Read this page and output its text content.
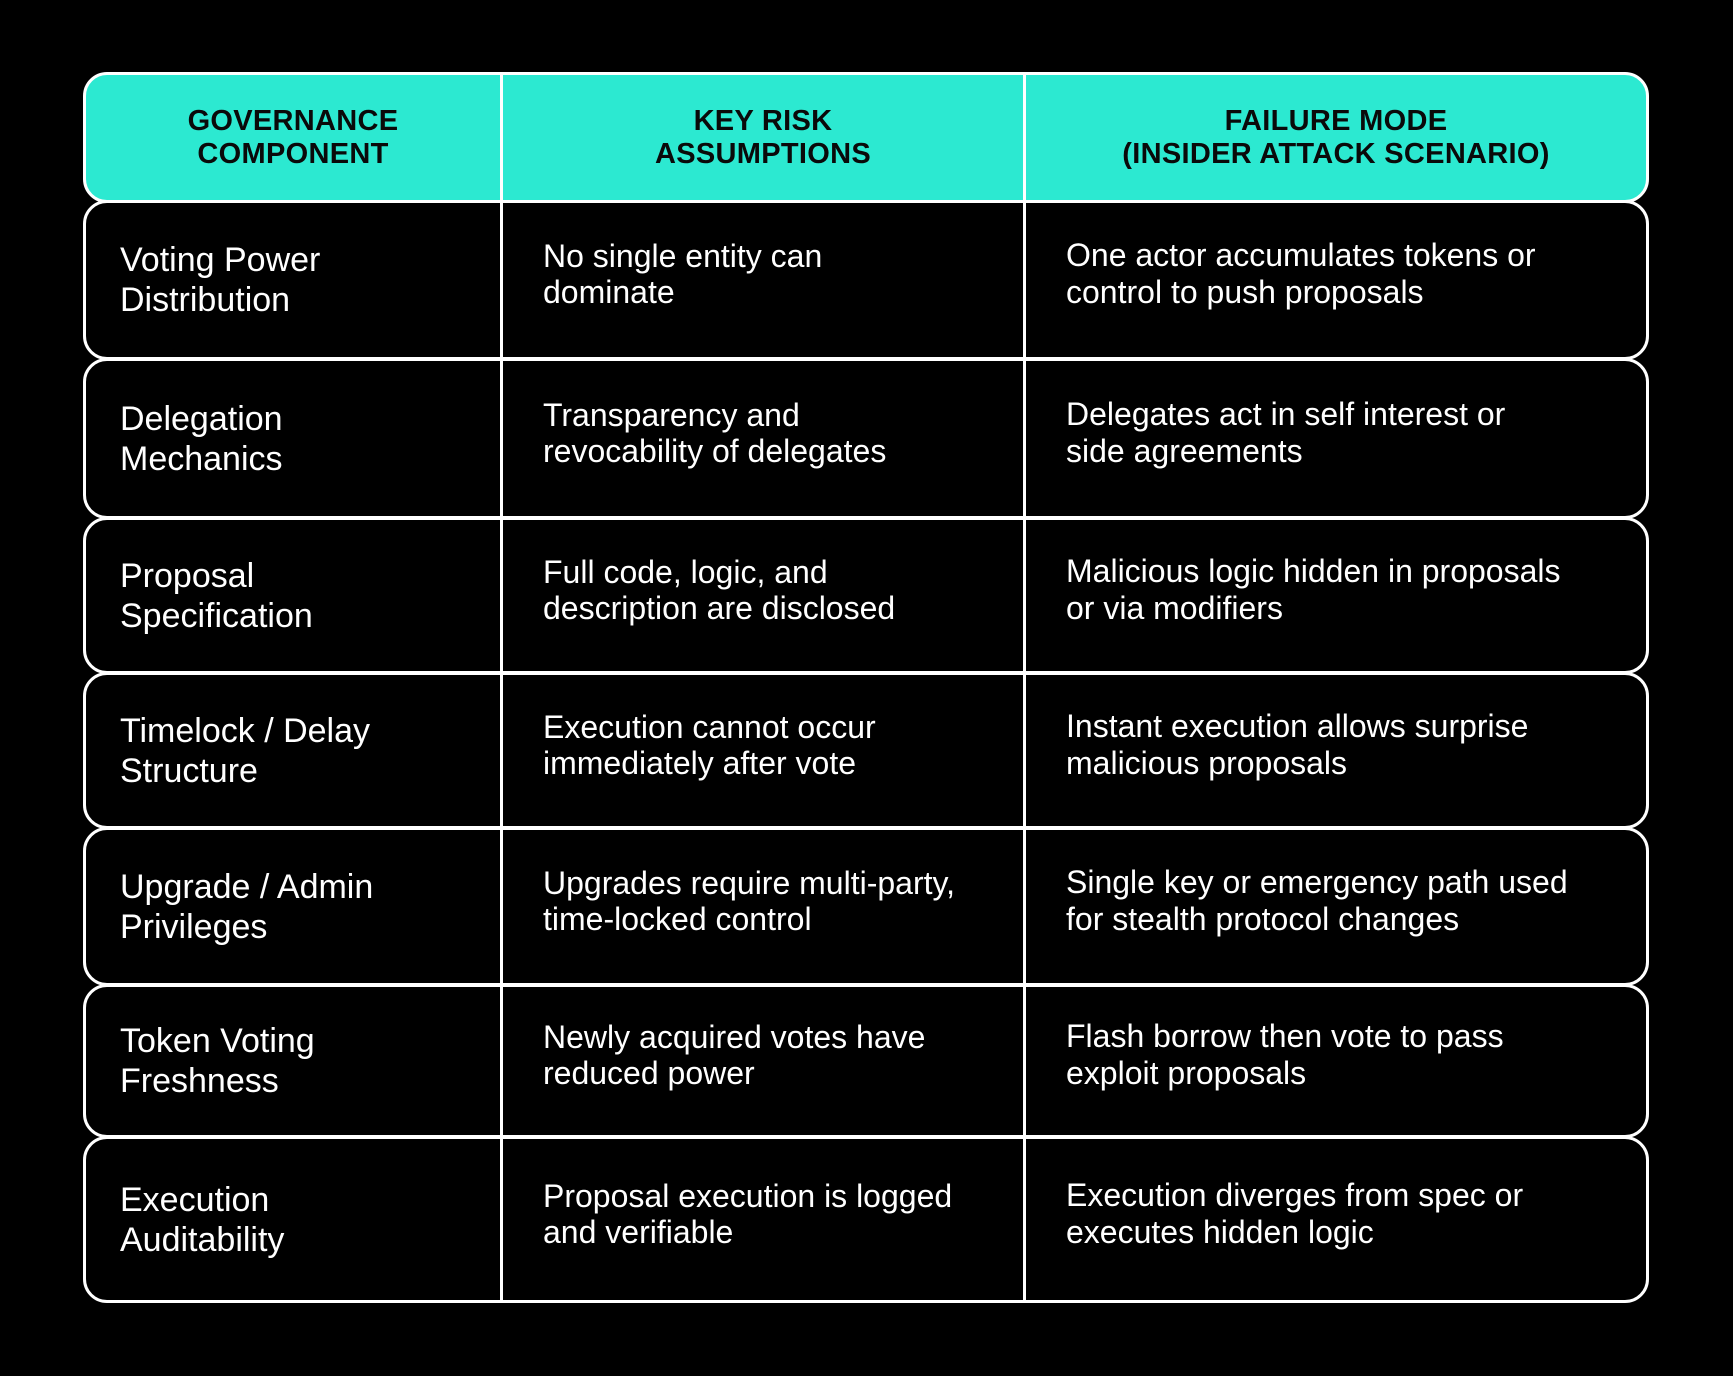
GOVERNANCE
COMPONENT
KEY RISK
ASSUMPTIONS
FAILURE MODE
(INSIDER ATTACK SCENARIO)
Voting Power
Distribution
No single entity can
dominate
One actor accumulates tokens or
control to push proposals
Delegation
Mechanics
Transparency and
revocability of delegates
Delegates act in self interest or
side agreements
Proposal
Specification
Full code, logic, and
description are disclosed
Malicious logic hidden in proposals
or via modifiers
Timelock / Delay
Structure
Execution cannot occur
immediately after vote
Instant execution allows surprise
malicious proposals
Upgrade / Admin
Privileges
Upgrades require multi-party,
time-locked control
Single key or emergency path used
for stealth protocol changes
Token Voting
Freshness
Newly acquired votes have
reduced power
Flash borrow then vote to pass
exploit proposals
Execution
Auditability
Proposal execution is logged
and verifiable
Execution diverges from spec or
executes hidden logic
